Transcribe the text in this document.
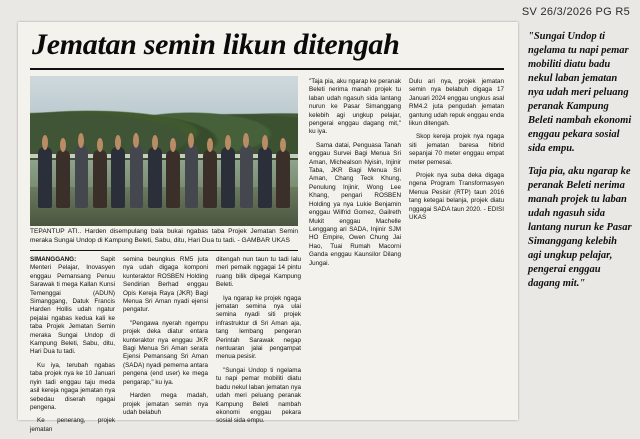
SV 26/3/2026 PG R5
Jematan semin likun ditengah
TEPANTUP ATI.. Harden disempulang bala bukai ngabas taba Projek Jematan Semin meraka Sungai Undop di Kampung Beleti, Sabu, ditu, Hari Dua tu tadi. - GAMBAR UKAS

SIMANGGANG: Sapit Menteri Pelajar, Inovasyen enggau Pemansang Penuu Sarawak ti mega Kallan Kunsi Temenggai (ADUN) Simanggang, Datuk Francis Harden Hollis udah ngatur pejalai ngabas kedua kali ke taba Projek Jematan Semin meraka Sungai Undop di Kampung Beleti, Sabu, ditu, Hari Dua tu tadi.

Ku iya, terubah ngabas taba projek nya ke 10 Januari nyin tadi enggau taju meda asil kereja ngaga jematan nya sebedau diserah ngagai pengena.

Ke penerang, projek jematan

semina beungkus RM5 juta nya udah digaga komponi kunteraktor ROSBEN Holding Sendirian Berhad enggau Opis Kereja Raya (JKR) Bagi Menua Sri Aman nyadi ejensi pengatur.

"Pengawa nyerah ngempu projek deka diatur entara kunteraktor nya enggau JKR Bagi Menua Sri Aman serata Ejensi Pemansang Sri Aman (SADA) nyadi pemerna antara pengena (end user) ke mega pengarap," ku iya.

Harden mega madah, projek jematan semin nya udah belabuh

ditengah nun taun tu tadi lalu meri pemaik nggagai 14 pintu ruang bilik dipegai Kampung Beleti.

Iya ngarap ke projek ngaga jematan semina nya ulai semina nyadi siti projek infrastruktur di Sri Aman aja, tang lembang pengeran Perintah Sarawak negap nentuaran jalai pengampat menua pesisir.

"Sungai Undop ti ngelama tu napi pemar mobiliti diatu badu nekul laban jematan nya udah meri peluang peranak Kampung Beleti nambah ekonomi enggau pekara sosial sida empu.

"Taja pia, aku ngarap ke peranak Beleti nerima manah projek tu laban udah ngasuh sida lantang nurun ke Pasar Simanggang kelebih agi ungkup pelajar, pengerai enggau dagang mit," ku iya.

Sama datai, Penguasa Tanah enggau Survei Bagi Menua Sri Aman, Michealson Nyisin, Injinir Taba, JKR Bagi Menua Sri Aman, Chang Teck Khung, Penulung Injinir, Wong Lee Khang, pengari ROSBEN Holding ya nya Lukie Benjamin enggau Wilfrid Gomez, Gailreth Mukit enggau Machelle Lenggang ari SADA, Injinir SJM HO Empire, Owen Chung Jai Hao, Tuai Rumah Macorni Ganda enggau Kaunsilor Dilang Jungai.

Dulu ari nya, projek jematan semin nya belabuh digaga 17 Januari 2024 enggau ungkus asal RM4.2 juta pengudah jematan gantung udah repuk enggau enda likun ditengah.

Skop kereja projek nya ngaga siti jematan baresa hibrid sepanjai 70 meter enggau empat meter pemesai.

Projek nya suba deka digaga ngena Program Transformasyen Menua Pesisir (RTP) taun 2016 tang ketegai belanja, projek diatu nggagai SADA taun 2020. - EDISI UKAS

"Sungai Undop ti ngelama tu napi pemar mobiliti diatu badu nekul laban jematan nya udah meri peluang peranak Kampung Beleti nambah ekonomi enggau pekara sosial sida empu.

Taja pia, aku ngarap ke peranak Beleti nerima manah projek tu laban udah ngasuh sida lantang nurun ke Pasar Simanggang kelebih agi ungkup pelajar, pengerai enggau dagang mit."
